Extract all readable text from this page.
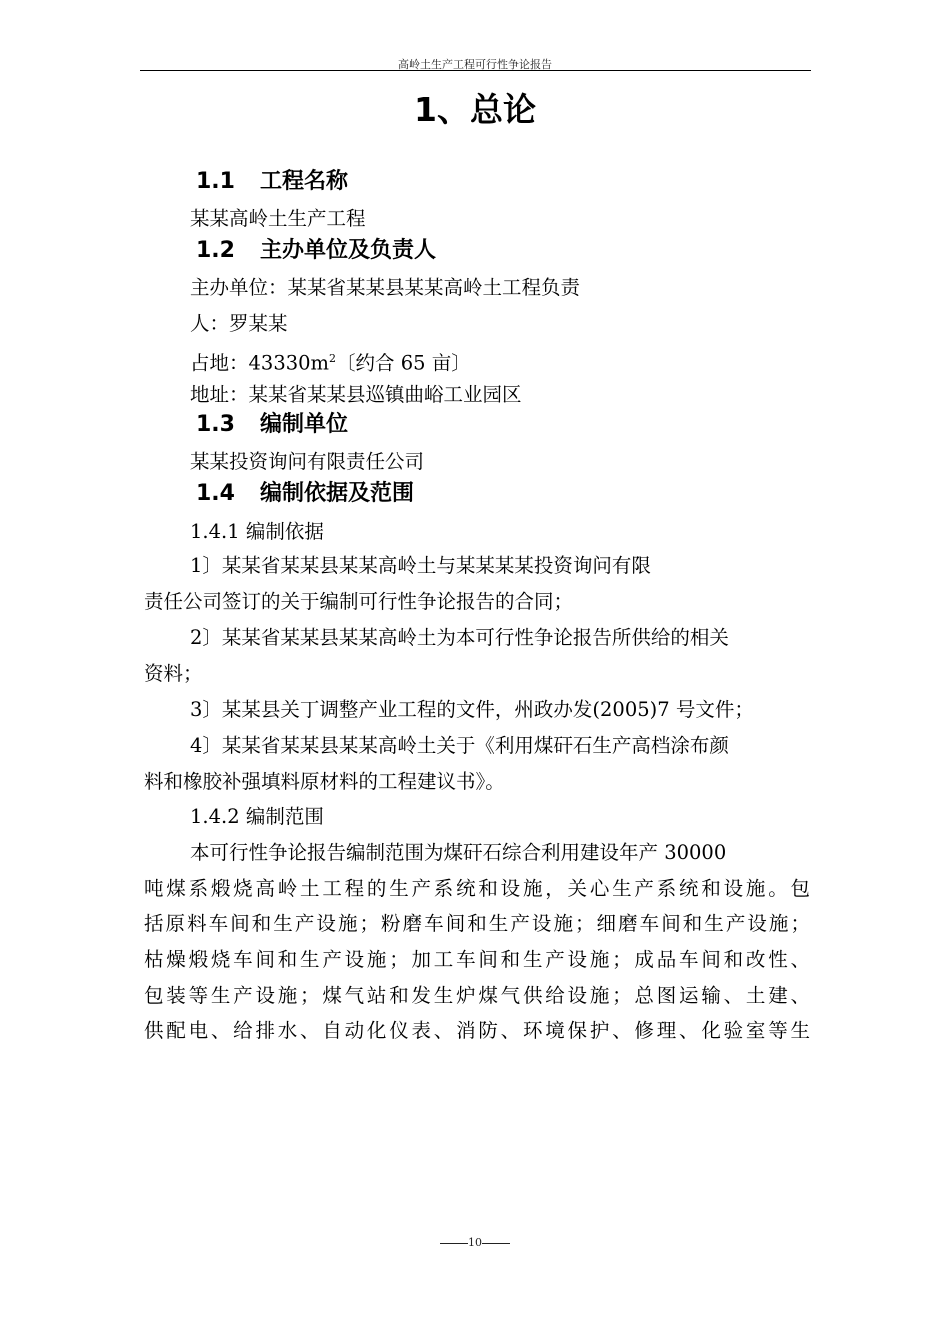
高岭土生产工程可行性争论报告
1、总论
1.1 工程名称
某某高岭土生产工程
1.2 主办单位及负责人
主办单位：某某省某某县某某高岭土工程负责
人：罗某某
占地：$43330m^2$〔约合 65 亩〕
地址：某某省某某县巡镇曲峪工业园区
1.3 编制单位
某某投资询问有限责任公司
1.4 编制依据及范围
1.4.1 编制依据
1〕某某省某某县某某高岭土与某某某某投资询问有限
责任公司签订的关于编制可行性争论报告的合同；
2〕某某省某某县某某高岭土为本可行性争论报告所供给的相关
资料；
3〕某某县关丁调整产业工程的文件，州政办发(2005)7 号文件；
4〕某某省某某县某某高岭土关于《利用煤矸石生产高档涂布颜
料和橡胶补强填料原材料的工程建议书》。
1.4.2 编制范围
本可行性争论报告编制范围为煤矸石综合利用建设年产 30000
吨煤系煅烧高岭土工程的生产系统和设施，关心生产系统和设施。包
括原料车间和生产设施；粉磨车间和生产设施；细磨车间和生产设施；
枯燥煅烧车间和生产设施；加工车间和生产设施；成品车间和改性、
包装等生产设施；煤气站和发生炉煤气供给设施；总图运输、土建、
供配电、给排水、自动化仪表、消防、环境保护、修理、化验室等生
10
